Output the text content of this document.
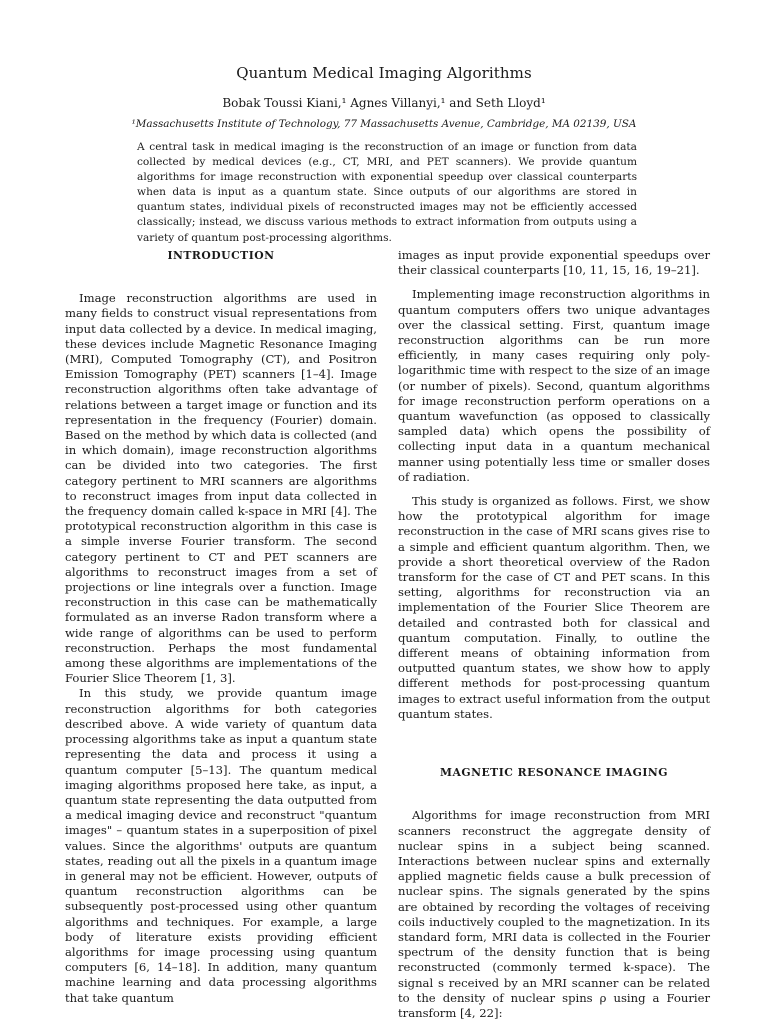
Quantum Medical Imaging Algorithms
Bobak Toussi Kiani,¹ Agnes Villanyi,¹ and Seth Lloyd¹
¹Massachusetts Institute of Technology, 77 Massachusetts Avenue, Cambridge, MA 02139, USA
A central task in medical imaging is the reconstruction of an image or function from data collected by medical devices (e.g., CT, MRI, and PET scanners). We provide quantum algorithms for image reconstruction with exponential speedup over classical counterparts when data is input as a quantum state. Since outputs of our algorithms are stored in quantum states, individual pixels of reconstructed images may not be efficiently accessed classically; instead, we discuss various methods to extract information from outputs using a variety of quantum post-processing algorithms.
INTRODUCTION

Image reconstruction algorithms are used in many fields to construct visual representations from input data collected by a device. In medical imaging, these devices include Magnetic Resonance Imaging (MRI), Computed Tomography (CT), and Positron Emission Tomography (PET) scanners [1–4]. Image reconstruction algorithms often take advantage of relations between a target image or function and its representation in the frequency (Fourier) domain. Based on the method by which data is collected (and in which domain), image reconstruction algorithms can be divided into two categories. The first category pertinent to MRI scanners are algorithms to reconstruct images from input data collected in the frequency domain called k-space in MRI [4]. The prototypical reconstruction algorithm in this case is a simple inverse Fourier transform. The second category pertinent to CT and PET scanners are algorithms to reconstruct images from a set of projections or line integrals over a function. Image reconstruction in this case can be mathematically formulated as an inverse Radon transform where a wide range of algorithms can be used to perform reconstruction. Perhaps the most fundamental among these algorithms are implementations of the Fourier Slice Theorem [1, 3].

In this study, we provide quantum image reconstruction algorithms for both categories described above. A wide variety of quantum data processing algorithms take as input a quantum state representing the data and process it using a quantum computer [5–13]. The quantum medical imaging algorithms proposed here take, as input, a quantum state representing the data outputted from a medical imaging device and reconstruct "quantum images" – quantum states in a superposition of pixel values. Since the algorithms' outputs are quantum states, reading out all the pixels in a quantum image in general may not be efficient. However, outputs of quantum reconstruction algorithms can be subsequently post-processed using other quantum algorithms and techniques. For example, a large body of literature exists providing efficient algorithms for image processing using quantum computers [6, 14–18]. In addition, many quantum machine learning and data processing algorithms that take quantum

images as input provide exponential speedups over their classical counterparts [10, 11, 15, 16, 19–21].

Implementing image reconstruction algorithms in quantum computers offers two unique advantages over the classical setting. First, quantum image reconstruction algorithms can be run more efficiently, in many cases requiring only poly-logarithmic time with respect to the size of an image (or number of pixels). Second, quantum algorithms for image reconstruction perform operations on a quantum wavefunction (as opposed to classically sampled data) which opens the possibility of collecting input data in a quantum mechanical manner using potentially less time or smaller doses of radiation.

This study is organized as follows. First, we show how the prototypical algorithm for image reconstruction in the case of MRI scans gives rise to a simple and efficient quantum algorithm. Then, we provide a short theoretical overview of the Radon transform for the case of CT and PET scans. In this setting, algorithms for reconstruction via an implementation of the Fourier Slice Theorem are detailed and contrasted both for classical and quantum computation. Finally, to outline the different means of obtaining information from outputted quantum states, we show how to apply different methods for post-processing quantum images to extract useful information from the output quantum states.

MAGNETIC RESONANCE IMAGING

Algorithms for image reconstruction from MRI scanners reconstruct the aggregate density of nuclear spins in a subject being scanned. Interactions between nuclear spins and externally applied magnetic fields cause a bulk precession of nuclear spins. The signals generated by the spins are obtained by recording the voltages of receiving coils inductively coupled to the magnetization. In its standard form, MRI data is collected in the Fourier spectrum of the density function that is being reconstructed (commonly termed k-space). The signal s received by an MRI scanner can be related to the density of nuclear spins ρ using a Fourier transform [4, 22]:
